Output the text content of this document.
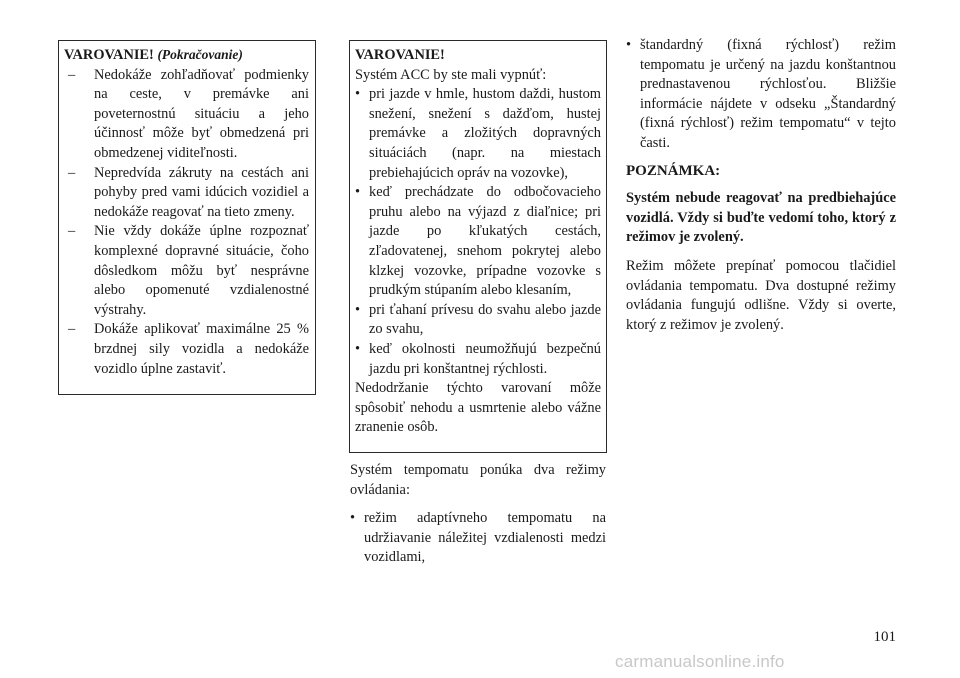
VAROVANIE! (Pokračovanie)

– Nedokáže zohľadňovať podmienky na ceste, v premávke ani poveternostnú situáciu a jeho účinnosť môže byť obmedzená pri obmedzenej viditeľnosti.
– Nepredvída zákruty na cestách ani pohyby pred vami idúcich vozidiel a nedokáže reagovať na tieto zmeny.
– Nie vždy dokáže úplne rozpoznať komplexné dopravné situácie, čoho dôsledkom môžu byť nesprávne alebo opomenuté vzdialenostné výstrahy.
– Dokáže aplikovať maximálne 25 % brzdnej sily vozidla a nedokáže vozidlo úplne zastaviť.

VAROVANIE!

Systém ACC by ste mali vypnúť:

• pri jazde v hmle, hustom daždi, hustom snežení, snežení s dažďom, hustej premávke a zložitých dopravných situáciách (napr. na miestach prebiehajúcich opráv na vozovke),
• keď prechádzate do odbočovacieho pruhu alebo na výjazd z diaľnice; pri jazde po kľukatých cestách, zľadovatenej, snehom pokrytej alebo klzkej vozovke, prípadne vozovke s prudkým stúpaním alebo klesaním,
• pri ťahaní prívesu do svahu alebo jazde zo svahu,
• keď okolnosti neumožňujú bezpečnú jazdu pri konštantnej rýchlosti.

Nedodržanie týchto varovaní môže spôsobiť nehodu a usmrtenie alebo vážne zranenie osôb.

Systém tempomatu ponúka dva režimy ovládania:

• režim adaptívneho tempomatu na udržiavanie náležitej vzdialenosti medzi vozidlami,
• štandardný (fixná rýchlosť) režim tempomatu je určený na jazdu konštantnou prednastavenou rýchlosťou. Bližšie informácie nájdete v odseku „Štandardný (fixná rýchlosť) režim tempomatu“ v tejto časti.

POZNÁMKA:

Systém nebude reagovať na predbiehajúce vozidlá. Vždy si buďte vedomí toho, ktorý z režimov je zvolený.

Režim môžete prepínať pomocou tlačidiel ovládania tempomatu. Dva dostupné režimy ovládania fungujú odlišne. Vždy si overte, ktorý z režimov je zvolený.

101
carmanualsonline.info
